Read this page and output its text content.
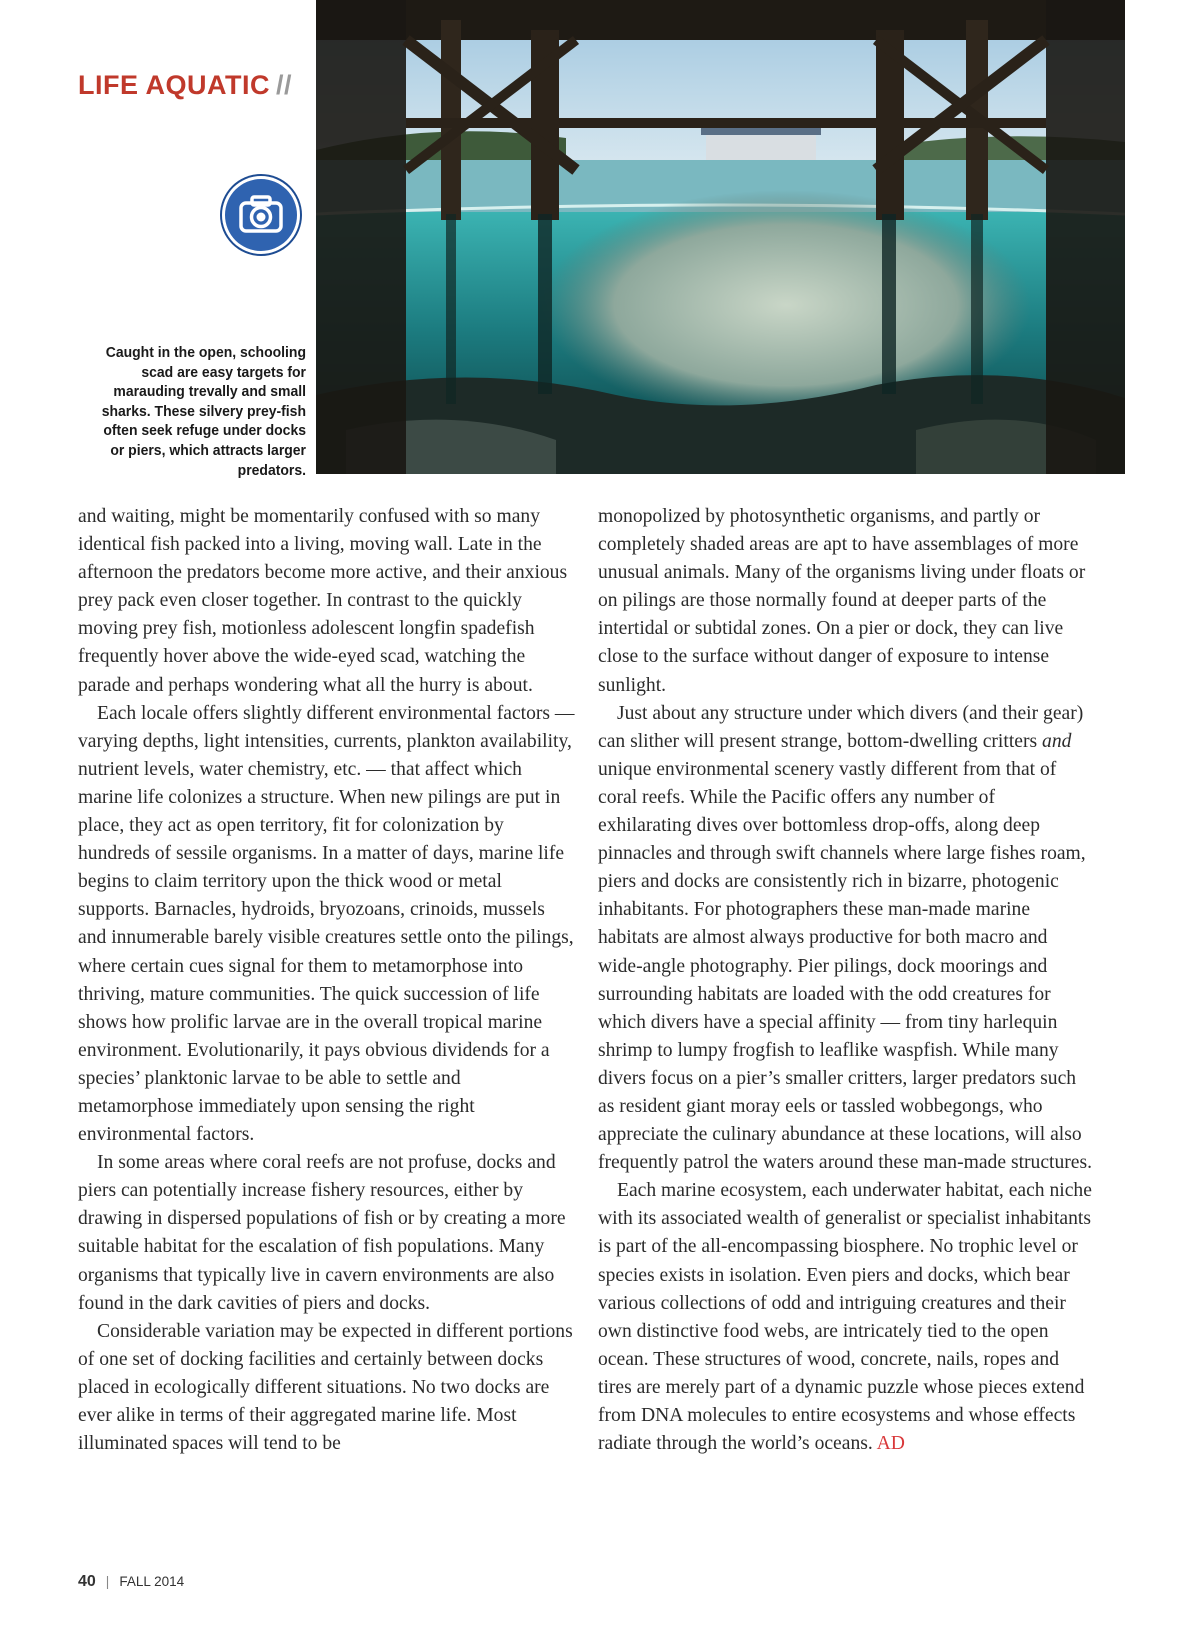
LIFE AQUATIC //
Caught in the open, schooling scad are easy targets for marauding trevally and small sharks. These silvery prey-fish often seek refuge under docks or piers, which attracts larger predators.

and waiting, might be momentarily confused with so many identical fish packed into a living, moving wall. Late in the afternoon the predators become more active, and their anxious prey pack even closer together. In contrast to the quickly moving prey fish, motionless adolescent longfin spadefish frequently hover above the wide-eyed scad, watching the parade and perhaps wondering what all the hurry is about.

Each locale offers slightly different environmental factors — varying depths, light intensities, currents, plankton availability, nutrient levels, water chemistry, etc. — that affect which marine life colonizes a structure. When new pilings are put in place, they act as open territory, fit for colonization by hundreds of sessile organisms. In a matter of days, marine life begins to claim territory upon the thick wood or metal supports. Barnacles, hydroids, bryozoans, crinoids, mussels and innumerable barely visible creatures settle onto the pilings, where certain cues signal for them to metamorphose into thriving, mature communities. The quick succession of life shows how prolific larvae are in the overall tropical marine environment. Evolutionarily, it pays obvious dividends for a species’ planktonic larvae to be able to settle and metamorphose immediately upon sensing the right environmental factors.

In some areas where coral reefs are not profuse, docks and piers can potentially increase fishery resources, either by drawing in dispersed populations of fish or by creating a more suitable habitat for the escalation of fish populations. Many organisms that typically live in cavern environments are also found in the dark cavities of piers and docks.

Considerable variation may be expected in different portions of one set of docking facilities and certainly between docks placed in ecologically different situations. No two docks are ever alike in terms of their aggregated marine life. Most illuminated spaces will tend to be

monopolized by photosynthetic organisms, and partly or completely shaded areas are apt to have assemblages of more unusual animals. Many of the organisms living under floats or on pilings are those normally found at deeper parts of the intertidal or subtidal zones. On a pier or dock, they can live close to the surface without danger of exposure to intense sunlight.

Just about any structure under which divers (and their gear) can slither will present strange, bottom-dwelling critters and unique environmental scenery vastly different from that of coral reefs. While the Pacific offers any number of exhilarating dives over bottomless drop-offs, along deep pinnacles and through swift channels where large fishes roam, piers and docks are consistently rich in bizarre, photogenic inhabitants. For photographers these man-made marine habitats are almost always productive for both macro and wide-angle photography. Pier pilings, dock moorings and surrounding habitats are loaded with the odd creatures for which divers have a special affinity — from tiny harlequin shrimp to lumpy frogfish to leaflike waspfish. While many divers focus on a pier’s smaller critters, larger predators such as resident giant moray eels or tassled wobbegongs, who appreciate the culinary abundance at these locations, will also frequently patrol the waters around these man-made structures.

Each marine ecosystem, each underwater habitat, each niche with its associated wealth of generalist or specialist inhabitants is part of the all-encompassing biosphere. No trophic level or species exists in isolation. Even piers and docks, which bear various collections of odd and intriguing creatures and their own distinctive food webs, are intricately tied to the open ocean. These structures of wood, concrete, nails, ropes and tires are merely part of a dynamic puzzle whose pieces extend from DNA molecules to entire ecosystems and whose effects radiate through the world’s oceans. AD

40 | FALL 2014
